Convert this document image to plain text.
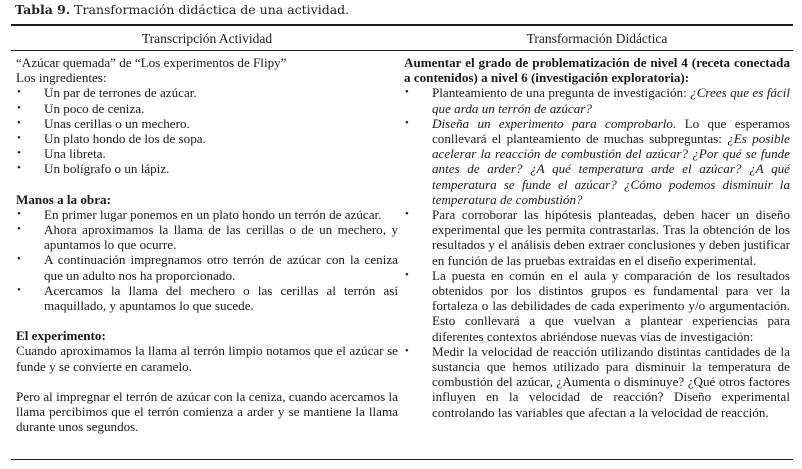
Tabla 9. Transformación didáctica de una actividad.
Transcripción Actividad	Transformación Didáctica

“Azúcar quemada” de “Los experimentos de Flipy”

Los ingredientes:

• Un par de terrones de azúcar.
• Un poco de ceniza.
• Unas cerillas o un mechero.
• Un plato hondo de los de sopa.
• Una libreta.
• Un bolígrafo o un lápiz.

Manos a la obra:

• En primer lugar ponemos en un plato hondo un terrón de azúcar.
• Ahora aproximamos la llama de las cerillas o de un mechero, y apuntamos lo que ocurre.
• A continuación impregnamos otro terrón de azúcar con la ceniza que un adulto nos ha proporcionado.
• Acercamos la llama del mechero o las cerillas al terrón así maquillado, y apuntamos lo que sucede.

El experimento:

Cuando aproximamos la llama al terrón limpio notamos que el azúcar se funde y se convierte en caramelo.

Pero al impregnar el terrón de azúcar con la ceniza, cuando acercamos la llama percibimos que el terrón comienza a arder y se mantiene la llama durante unos segundos.

Aumentar el grado de problematización de nivel 4 (receta conectada a contenidos) a nivel 6 (investigación exploratoria):

• Planteamiento de una pregunta de investigación: ¿Crees que es fácil que arda un terrón de azúcar?
• Diseña un experimento para comprobarlo. Lo que esperamos conllevará el planteamiento de muchas subpreguntas: ¿Es posible acelerar la reacción de combustión del azúcar? ¿Por qué se funde antes de arder? ¿A qué temperatura arde el azúcar? ¿A qué temperatura se funde el azúcar? ¿Cómo podemos disminuir la temperatura de combustión?
• Para corroborar las hipótesis planteadas, deben hacer un diseño experimental que les permita contrastarlas. Tras la obtención de los resultados y el análisis deben extraer conclusiones y deben justificar en función de las pruebas extraídas en el diseño experimental.
• La puesta en común en el aula y comparación de los resultados obtenidos por los distintos grupos es fundamental para ver la fortaleza o las debilidades de cada experimento y/o argumentación. Esto conllevará a que vuelvan a plantear experiencias para diferentes contextos abriéndose nuevas vías de investigación:
• Medir la velocidad de reacción utilizando distintas cantidades de la sustancia que hemos utilizado para disminuir la temperatura de combustión del azúcar, ¿Aumenta o disminuye? ¿Qué otros factores influyen en la velocidad de reacción? Diseño experimental controlando las variables que afectan a la velocidad de reacción.
